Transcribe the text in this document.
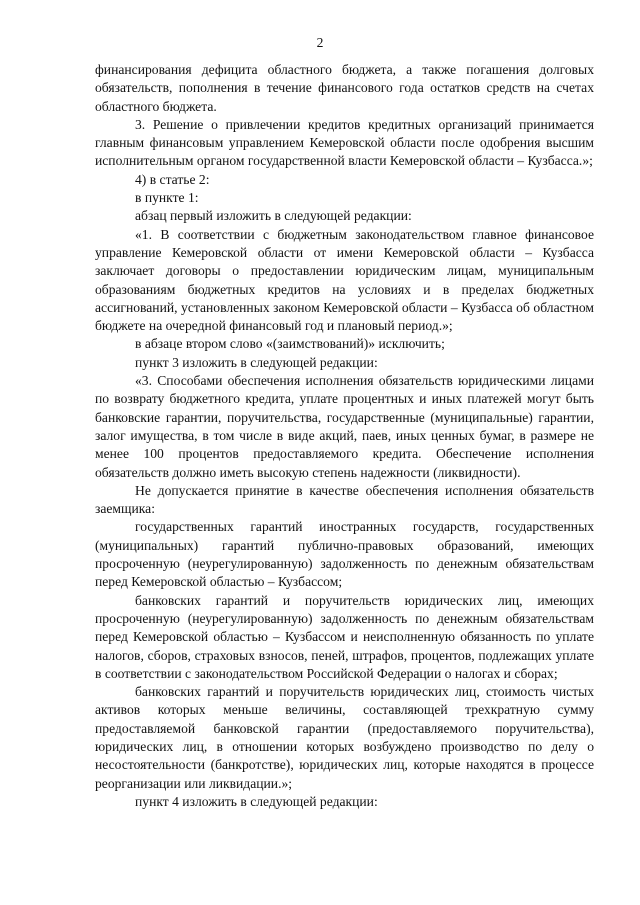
2

финансирования дефицита областного бюджета, а также погашения долговых обязательств, пополнения в течение финансового года остатков средств на счетах областного бюджета.

3. Решение о привлечении кредитов кредитных организаций принимается главным финансовым управлением Кемеровской области после одобрения высшим исполнительным органом государственной власти Кемеровской области – Кузбасса.»;

4) в статье 2:

в пункте 1:

абзац первый изложить в следующей редакции:

«1. В соответствии с бюджетным законодательством главное финансовое управление Кемеровской области от имени Кемеровской области – Кузбасса заключает договоры о предоставлении юридическим лицам, муниципальным образованиям бюджетных кредитов на условиях и в пределах бюджетных ассигнований, установленных законом Кемеровской области – Кузбасса об областном бюджете на очередной финансовый год и плановый период.»;

в абзаце втором слово «(заимствований)» исключить;

пункт 3 изложить в следующей редакции:

«3. Способами обеспечения исполнения обязательств юридическими лицами по возврату бюджетного кредита, уплате процентных и иных платежей могут быть банковские гарантии, поручительства, государственные (муниципальные) гарантии, залог имущества, в том числе в виде акций, паев, иных ценных бумаг, в размере не менее 100 процентов предоставляемого кредита. Обеспечение исполнения обязательств должно иметь высокую степень надежности (ликвидности).

Не допускается принятие в качестве обеспечения исполнения обязательств заемщика:

государственных гарантий иностранных государств, государственных (муниципальных) гарантий публично-правовых образований, имеющих просроченную (неурегулированную) задолженность по денежным обязательствам перед Кемеровской областью – Кузбассом;

банковских гарантий и поручительств юридических лиц, имеющих просроченную (неурегулированную) задолженность по денежным обязательствам перед Кемеровской областью – Кузбассом и неисполненную обязанность по уплате налогов, сборов, страховых взносов, пеней, штрафов, процентов, подлежащих уплате в соответствии с законодательством Российской Федерации о налогах и сборах;

банковских гарантий и поручительств юридических лиц, стоимость чистых активов которых меньше величины, составляющей трехкратную сумму предоставляемой банковской гарантии (предоставляемого поручительства), юридических лиц, в отношении которых возбуждено производство по делу о несостоятельности (банкротстве), юридических лиц, которые находятся в процессе реорганизации или ликвидации.»;

пункт 4 изложить в следующей редакции:
